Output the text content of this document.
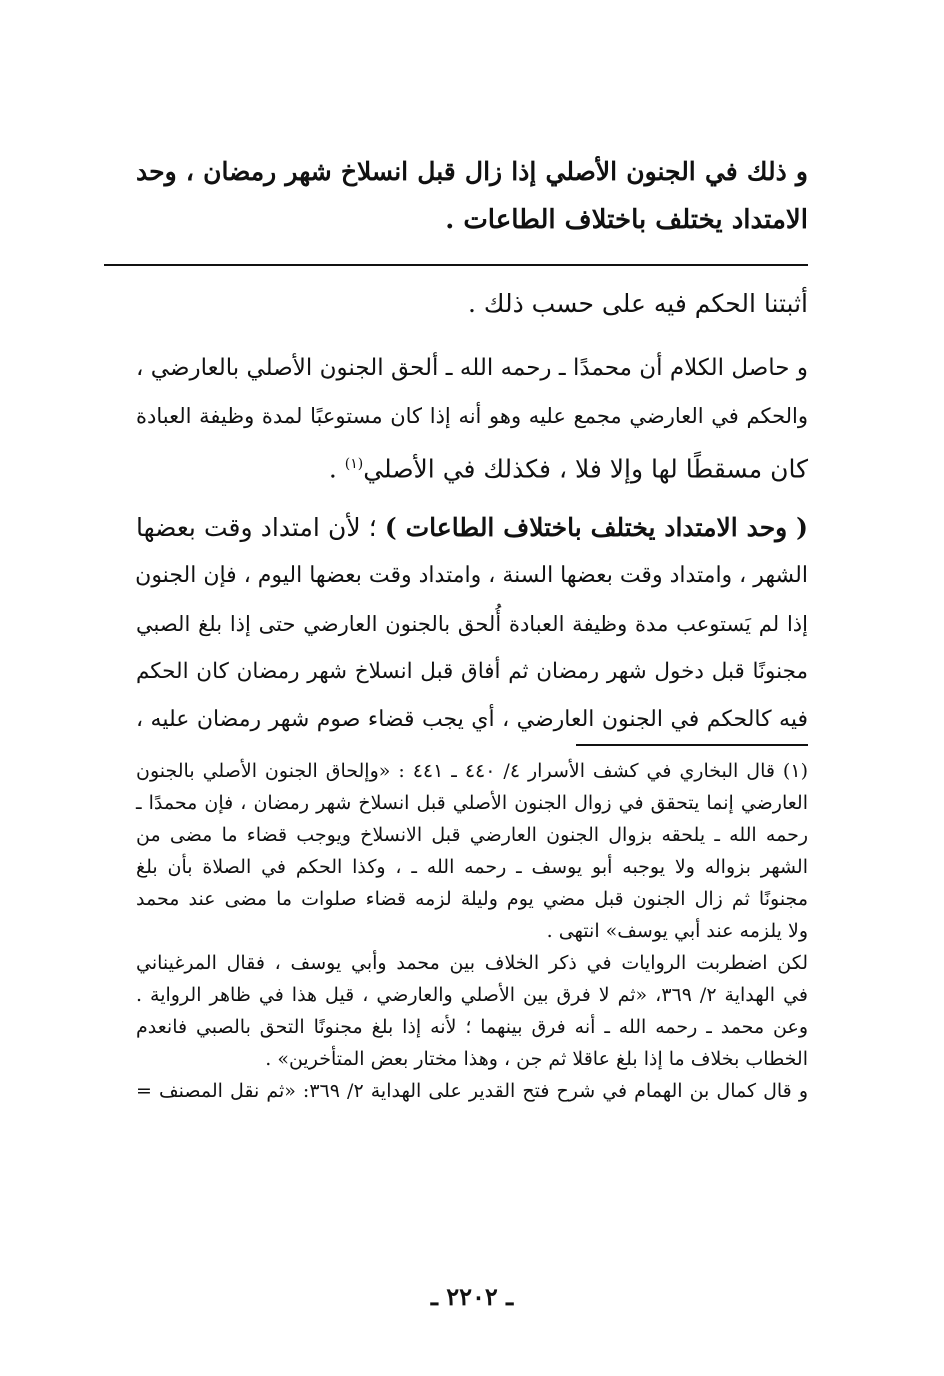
و ذلك في الجنون الأصلي إذا زال قبل انسلاخ شهر رمضان ، وحد
الامتداد يختلف باختلاف الطاعات .
أثبتنا الحكم فيه على حسب ذلك .
و حاصل الكلام أن محمدًا ـ رحمه الله ـ ألحق الجنون الأصلي بالعارضي ،
والحكم في العارضي مجمع عليه وهو أنه إذا كان مستوعبًا لمدة وظيفة العبادة
كان مسقطًا لها وإلا فلا ، فكذلك في الأصلي$^{(١)}$ .
( وحد الامتداد يختلف باختلاف الطاعات ) ؛ لأن امتداد وقت بعضها
الشهر ، وامتداد وقت بعضها السنة ، وامتداد وقت بعضها اليوم ، فإن الجنون
إذا لم يَستوعب مدة وظيفة العبادة أُلحق بالجنون العارضي حتى إذا بلغ الصبي
مجنونًا قبل دخول شهر رمضان ثم أفاق قبل انسلاخ شهر رمضان كان الحكم
فيه كالحكم في الجنون العارضي ، أي يجب قضاء صوم شهر رمضان عليه ،
(١) قال البخاري في كشف الأسرار ٤/ ٤٤٠ ـ ٤٤١ : «وإلحاق الجنون الأصلي بالجنون
العارضي إنما يتحقق في زوال الجنون الأصلي قبل انسلاخ شهر رمضان ، فإن محمدًا ـ
رحمه الله ـ يلحقه بزوال الجنون العارضي قبل الانسلاخ ويوجب قضاء ما مضى من
الشهر بزواله ولا يوجبه أبو يوسف ـ رحمه الله ـ ، وكذا الحكم في الصلاة بأن بلغ
مجنونًا ثم زال الجنون قبل مضي يوم وليلة لزمه قضاء صلوات ما مضى عند محمد
ولا يلزمه عند أبي يوسف» انتهى .
لكن اضطربت الروايات في ذكر الخلاف بين محمد وأبي يوسف ، فقال المرغيناني
في الهداية ٢/ ٣٦٩، «ثم لا فرق بين الأصلي والعارضي ، قيل هذا في ظاهر الرواية .
وعن محمد ـ رحمه الله ـ أنه فرق بينهما ؛ لأنه إذا بلغ مجنونًا التحق بالصبي فانعدم
الخطاب بخلاف ما إذا بلغ عاقلا ثم جن ، وهذا مختار بعض المتأخرين» .
و قال كمال بن الهمام في شرح فتح القدير على الهداية ٢/ ٣٦٩: «ثم نقل المصنف =
ـ ٢٢٠٢ ـ
